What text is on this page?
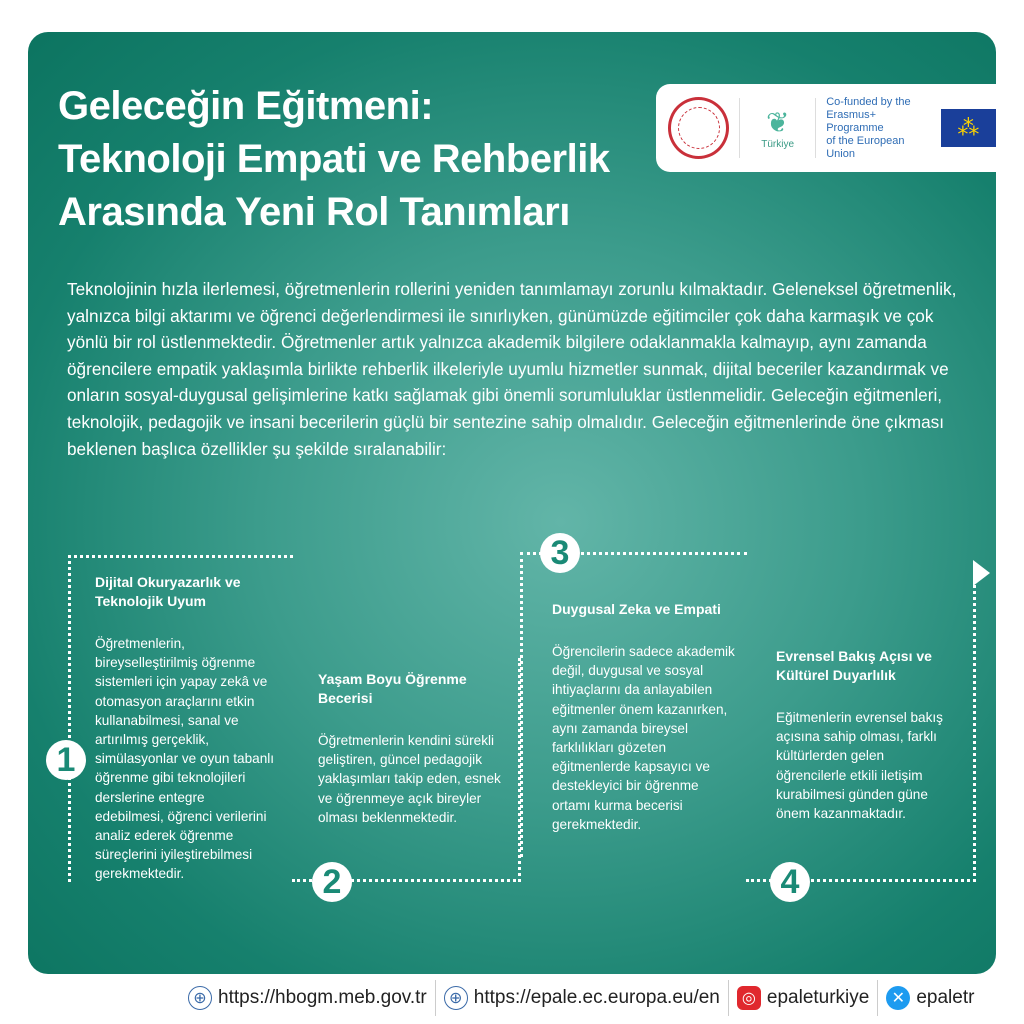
Geleceğin Eğitmeni:
Teknoloji Empati ve Rehberlik
Arasında Yeni Rol Tanımları
❦
Türkiye
Co-funded by the
Erasmus+ Programme
of the European Union
⁂
Teknolojinin hızla ilerlemesi, öğretmenlerin rollerini yeniden tanımlamayı zorunlu kılmaktadır. Geleneksel öğretmenlik, yalnızca bilgi aktarımı ve öğrenci değerlendirmesi ile sınırlıyken, günümüzde eğitimciler çok daha karmaşık ve çok yönlü bir rol üstlenmektedir. Öğretmenler artık yalnızca akademik bilgilere odaklanmakla kalmayıp, aynı zamanda öğrencilere empatik yaklaşımla birlikte rehberlik ilkeleriyle uyumlu hizmetler sunmak, dijital beceriler kazandırmak ve onların sosyal-duygusal gelişimlerine katkı sağlamak gibi önemli sorumluluklar üstlenmelidir. Geleceğin eğitmenleri, teknolojik, pedagojik ve insani becerilerin güçlü bir sentezine sahip olmalıdır. Geleceğin eğitmenlerinde öne çıkması beklenen başlıca özellikler şu şekilde sıralanabilir:
1
2
3
4
Dijital Okuryazarlık ve Teknolojik Uyum

Öğretmenlerin, bireyselleştirilmiş öğrenme sistemleri için yapay zekâ ve otomasyon araçlarını etkin kullanabilmesi, sanal ve artırılmış gerçeklik, simülasyonlar ve oyun tabanlı öğrenme gibi teknolojileri derslerine entegre edebilmesi, öğrenci verilerini analiz ederek öğrenme süreçlerini iyileştirebilmesi gerekmektedir.

Yaşam Boyu Öğrenme Becerisi

Öğretmenlerin kendini sürekli geliştiren, güncel pedagojik yaklaşımları takip eden, esnek ve öğrenmeye açık bireyler olması beklenmektedir.

Duygusal Zeka ve Empati

Öğrencilerin sadece akademik değil, duygusal ve sosyal ihtiyaçlarını da anlayabilen eğitmenler önem kazanırken, aynı zamanda bireysel farklılıkları gözeten eğitmenlerde kapsayıcı ve destekleyici bir öğrenme ortamı kurma becerisi gerekmektedir.

Evrensel Bakış Açısı ve Kültürel Duyarlılık

Eğitmenlerin evrensel bakış açısına sahip olması, farklı kültürlerden gelen öğrencilerle etkili iletişim kurabilmesi günden güne önem kazanmaktadır.

⊕ https://hbogm.meb.gov.tr	⊕ https://epale.ec.europa.eu/en	◎ epaleturkiye	✕ epaletr
